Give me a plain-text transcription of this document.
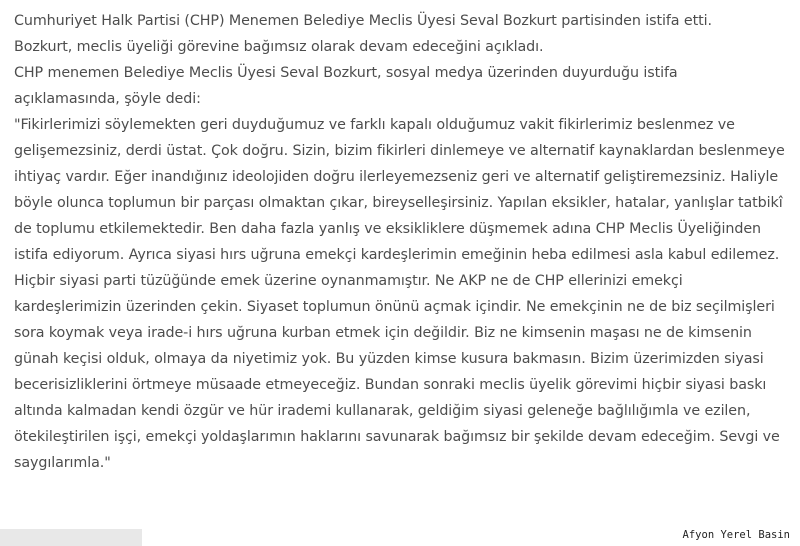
Cumhuriyet Halk Partisi (CHP) Menemen Belediye Meclis Üyesi Seval Bozkurt partisinden istifa etti.

Bozkurt, meclis üyeliği görevine bağımsız olarak devam edeceğini açıkladı.

CHP menemen Belediye Meclis Üyesi Seval Bozkurt, sosyal medya üzerinden duyurduğu istifa açıklamasında, şöyle dedi:

"Fikirlerimizi söylemekten geri duyduğumuz ve farklı kapalı olduğumuz vakit fikirlerimiz beslenmez ve gelişemezsiniz, derdi üstat. Çok doğru. Sizin, bizim fikirleri dinlemeye ve alternatif kaynaklardan beslenmeye ihtiyaç vardır. Eğer inandığınız ideolojiden doğru ilerleyemezseniz geri ve alternatif geliştiremezsiniz. Haliyle böyle olunca toplumun bir parçası olmaktan çıkar, bireyselleşirsiniz. Yapılan eksikler, hatalar, yanlışlar tatbikî de toplumu etkilemektedir. Ben daha fazla yanlış ve eksikliklere düşmemek adına CHP Meclis Üyeliğinden istifa ediyorum. Ayrıca siyasi hırs uğruna emekçi kardeşlerimin emeğinin heba edilmesi asla kabul edilemez. Hiçbir siyasi parti tüzüğünde emek üzerine oynanmamıştır. Ne AKP ne de CHP ellerinizi emekçi kardeşlerimizin üzerinden çekin. Siyaset toplumun önünü açmak içindir. Ne emekçinin ne de biz seçilmişleri sora koymak veya irade-i hırs uğruna kurban etmek için değildir. Biz ne kimsenin maşası ne de kimsenin günah keçisi olduk, olmaya da niyetimiz yok. Bu yüzden kimse kusura bakmasın. Bizim üzerimizden siyasi becerisizliklerini örtmeye müsaade etmeyeceğiz. Bundan sonraki meclis üyelik görevimi hiçbir siyasi baskı altında kalmadan kendi özgür ve hür irademi kullanarak, geldiğim siyasi geleneğe bağlılığımla ve ezilen, ötekileştirilen işçi, emekçi yoldaşlarımın haklarını savunarak bağımsız bir şekilde devam edeceğim. Sevgi ve saygılarımla."

Afyon Yerel Basin
